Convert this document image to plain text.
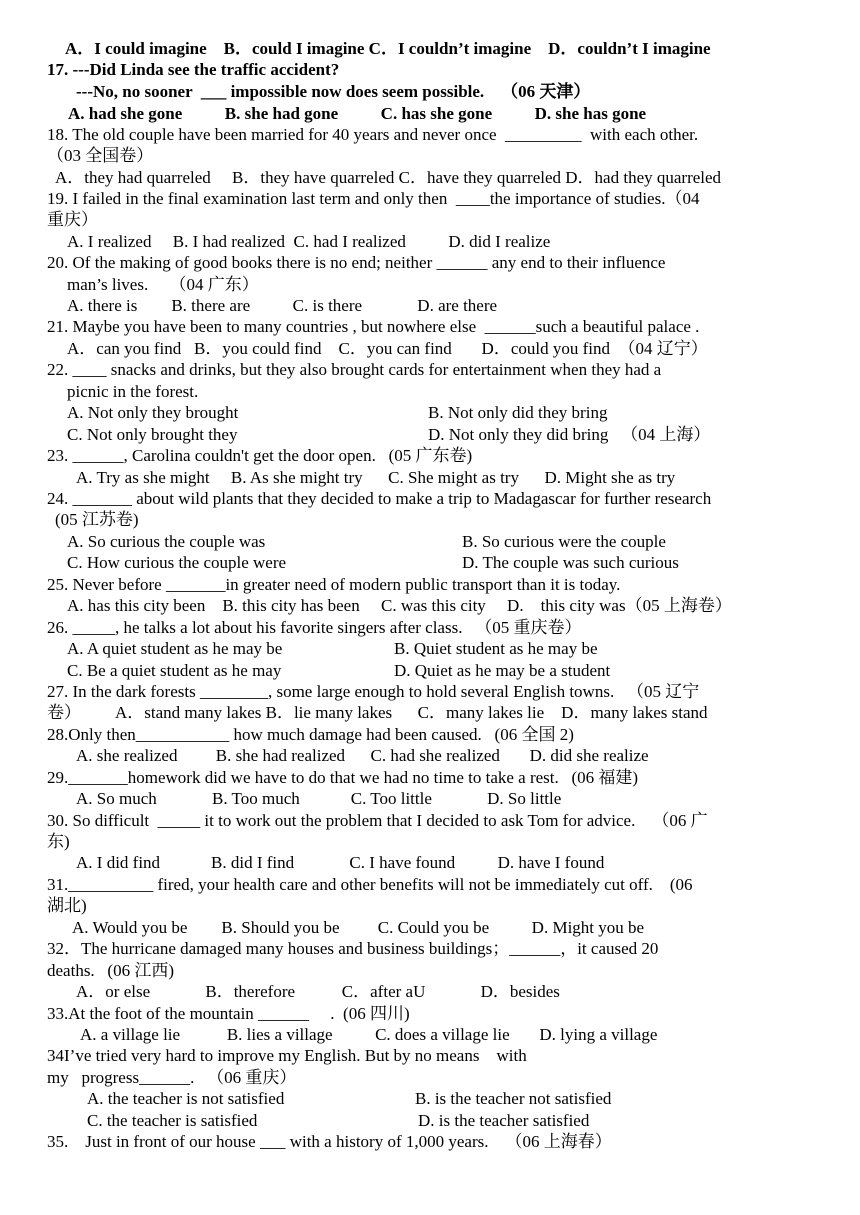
A．I could imagine    B．could I imagine C．I couldn’t imagine    D．couldn’t I imagine
17. ---Did Linda see the traffic accident?
---No, no sooner  ___ impossible now does seem possible.    （06 天津）
A. had she gone          B. she had gone          C. has she gone          D. she has gone
18. The old couple have been married for 40 years and never once  _________  with each other.
（03 全国卷）
A．they had quarreled     B．they have quarreled C．have they quarreled D．had they quarreled
19. I failed in the final examination last term and only then  ____the importance of studies.（04
重庆）
A. I realized     B. I had realized  C. had I realized          D. did I realize
20. Of the making of good books there is no end; neither ______ any end to their influence
man’s lives.     （04 广东）
A. there is        B. there are          C. is there             D. are there
21. Maybe you have been to many countries , but nowhere else  ______such a beautiful palace .
A．can you find   B．you could find    C．you can find       D．could you find  （04 辽宁）
22. ____ snacks and drinks, but they also brought cards for entertainment when they had a
picnic in the forest.
A. Not only they brought	B. Not only did they bring
C. Not only brought they	D. Not only they did bring   （04 上海）
23. ______, Carolina couldn't get the door open.   (05 广东卷)
A. Try as she might     B. As she might try      C. She might as try      D. Might she as try
24. _______ about wild plants that they decided to make a trip to Madagascar for further research
(05 江苏卷)
A. So curious the couple was	B. So curious were the couple
C. How curious the couple were	D. The couple was such curious
25. Never before _______in greater need of modern public transport than it is today.
A. has this city been    B. this city has been     C. was this city     D.    this city was（05 上海卷）
26. _____, he talks a lot about his favorite singers after class.   （05 重庆卷）
A. A quiet student as he may be	B. Quiet student as he may be
C. Be a quiet student as he may	D. Quiet as he may be a student
27. In the dark forests ________, some large enough to hold several English towns.   （05 辽宁
卷）        A．stand many lakes B．lie many lakes      C．many lakes lie    D．many lakes stand
28.Only then___________ how much damage had been caused.   (06 全国 2)
A. she realized         B. she had realized      C. had she realized       D. did she realize
29._______homework did we have to do that we had no time to take a rest.   (06 福建)
A. So much             B. Too much            C. Too little             D. So little
30. So difficult  _____ it to work out the problem that I decided to ask Tom for advice.    （06 广
东)
A. I did find            B. did I find             C. I have found          D. have I found
31.__________ fired, your health care and other benefits will not be immediately cut off.    (06
湖北)
A. Would you be        B. Should you be         C. Could you be          D. Might you be
32．The hurricane damaged many houses and business buildings；______，it caused 20
deaths.   (06 江西)
A．or else             B．therefore           C．after aU             D．besides
33.At the foot of the mountain ______     .  (06 四川)
A. a village lie           B. lies a village          C. does a village lie       D. lying a village
34I’ve tried very hard to improve my English. But by no means    with
my   progress______.   （06 重庆）
A. the teacher is not satisfied	B. is the teacher not satisfied
C. the teacher is satisfied	D. is the teacher satisfied
35.    Just in front of our house ___ with a history of 1,000 years.    （06 上海春）
